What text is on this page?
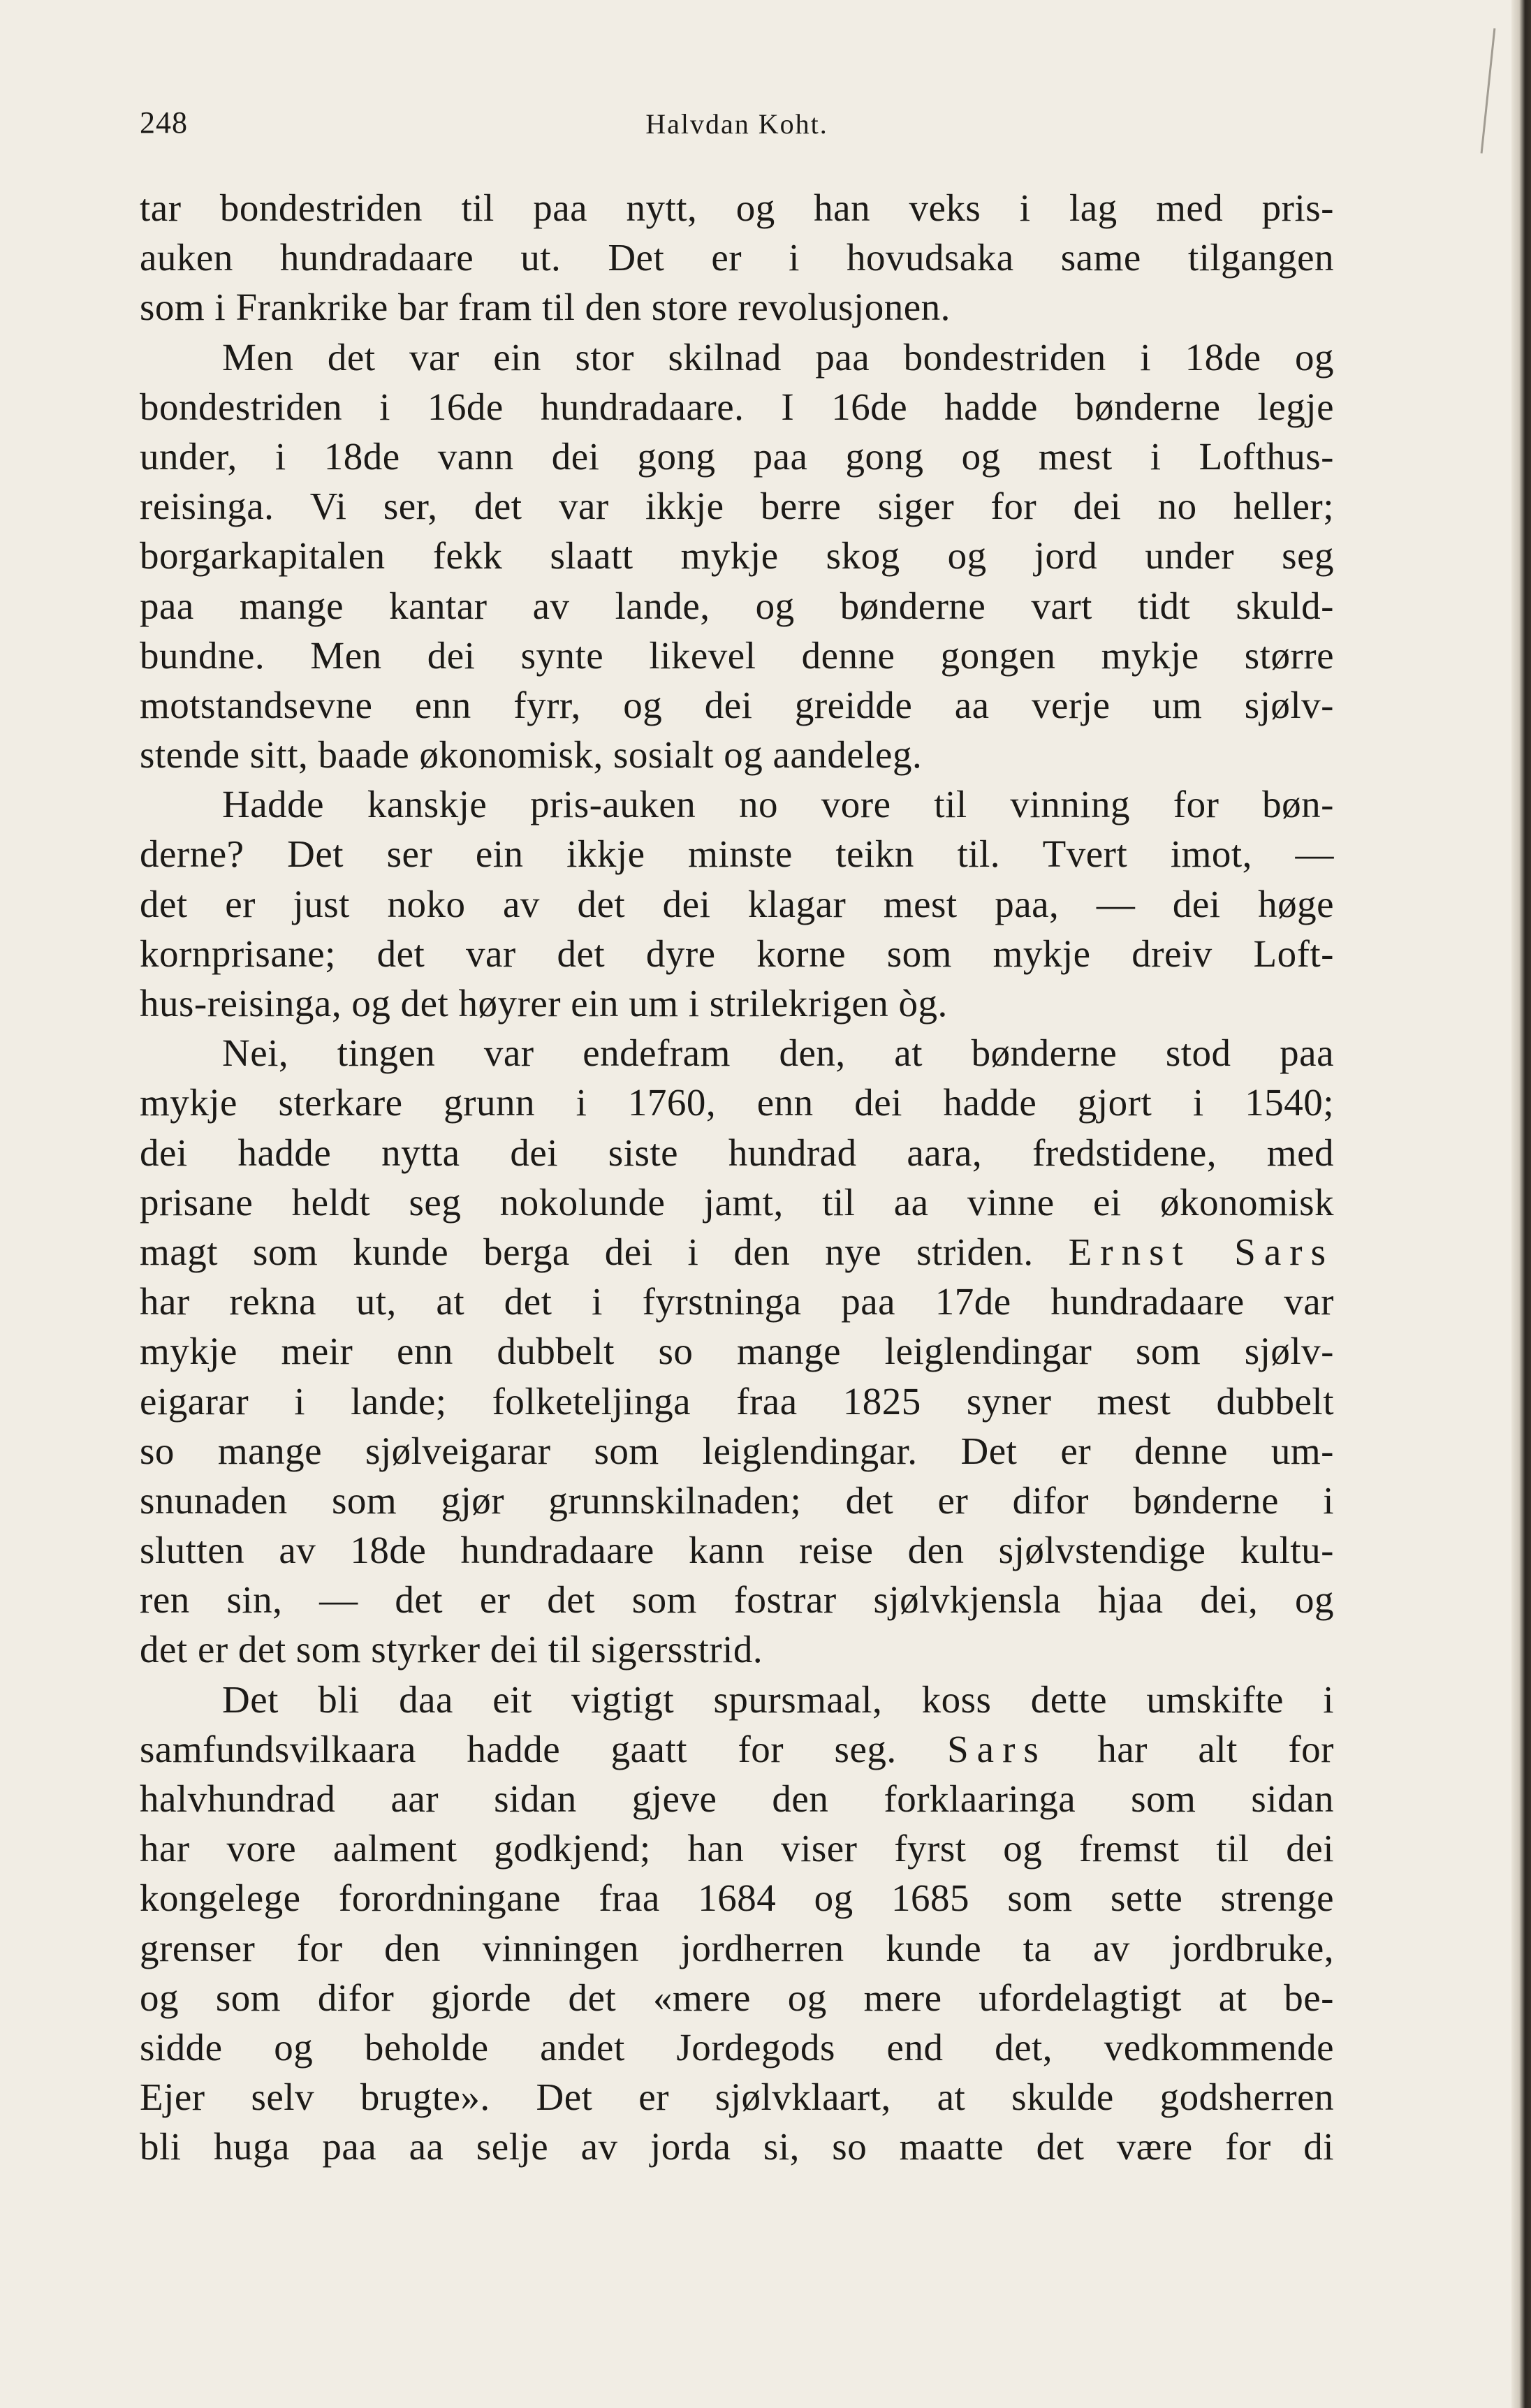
248	Halvdan Koht.
tar bondestriden til paa nytt, og han veks i lag med pris-
auken hundradaare ut. Det er i hovudsaka same tilgangen
som i Frankrike bar fram til den store revolusjonen.
Men det var ein stor skilnad paa bondestriden i 18de og
bondestriden i 16de hundradaare. I 16de hadde bønderne legje
under, i 18de vann dei gong paa gong og mest i Lofthus-
reisinga. Vi ser, det var ikkje berre siger for dei no heller;
borgarkapitalen fekk slaatt mykje skog og jord under seg
paa mange kantar av lande, og bønderne vart tidt skuld-
bundne. Men dei synte likevel denne gongen mykje større
motstandsevne enn fyrr, og dei greidde aa verje um sjølv-
stende sitt, baade økonomisk, sosialt og aandeleg.
Hadde kanskje pris-auken no vore til vinning for bøn-
derne? Det ser ein ikkje minste teikn til. Tvert imot, —
det er just noko av det dei klagar mest paa, — dei høge
kornprisane; det var det dyre korne som mykje dreiv Loft-
hus-reisinga, og det høyrer ein um i strilekrigen òg.
Nei, tingen var endefram den, at bønderne stod paa
mykje sterkare grunn i 1760, enn dei hadde gjort i 1540;
dei hadde nytta dei siste hundrad aara, fredstidene, med
prisane heldt seg nokolunde jamt, til aa vinne ei økonomisk
magt som kunde berga dei i den nye striden. Ernst Sars
har rekna ut, at det i fyrstninga paa 17de hundradaare var
mykje meir enn dubbelt so mange leiglendingar som sjølv-
eigarar i lande; folketeljinga fraa 1825 syner mest dubbelt
so mange sjølveigarar som leiglendingar. Det er denne um-
snunaden som gjør grunnskilnaden; det er difor bønderne i
slutten av 18de hundradaare kann reise den sjølvstendige kultu-
ren sin, — det er det som fostrar sjølvkjensla hjaa dei, og
det er det som styrker dei til sigersstrid.
Det bli daa eit vigtigt spursmaal, koss dette umskifte i
samfundsvilkaara hadde gaatt for seg. Sars har alt for
halvhundrad aar sidan gjeve den forklaaringa som sidan
har vore aalment godkjend; han viser fyrst og fremst til dei
kongelege forordningane fraa 1684 og 1685 som sette strenge
grenser for den vinningen jordherren kunde ta av jordbruke,
og som difor gjorde det «mere og mere ufordelagtigt at be-
sidde og beholde andet Jordegods end det, vedkommende
Ejer selv brugte». Det er sjølvklaart, at skulde godsherren
bli huga paa aa selje av jorda si, so maatte det være for di
